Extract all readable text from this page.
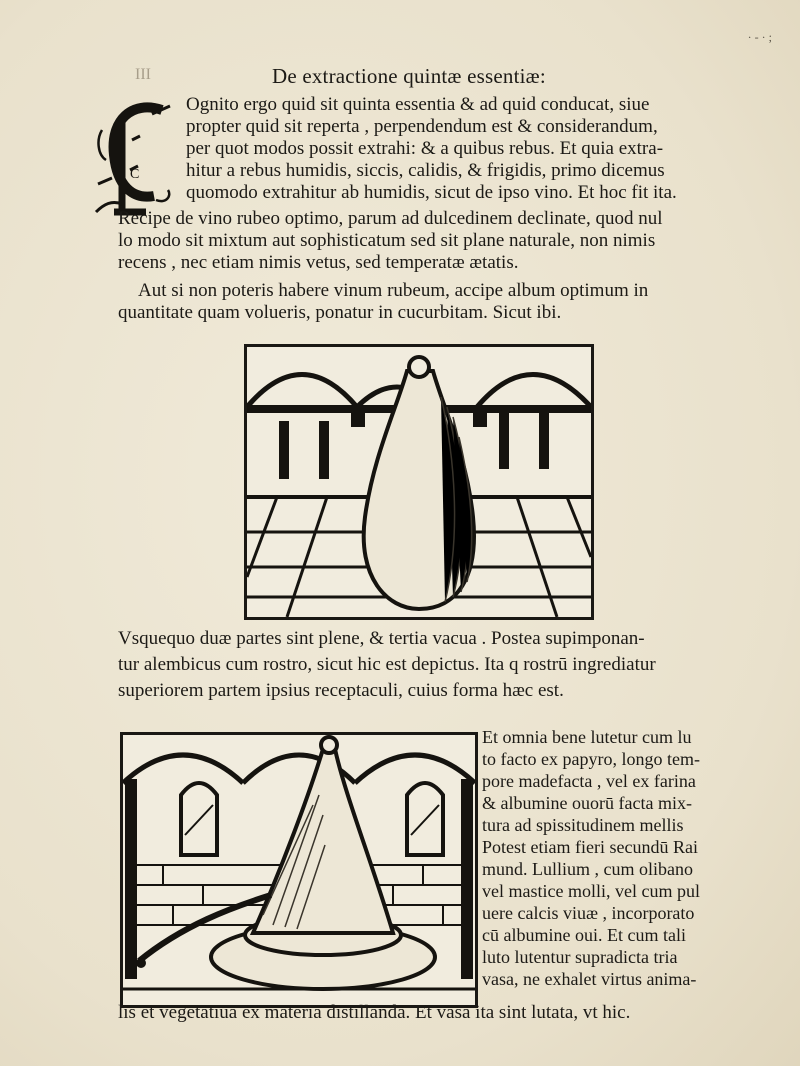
· - · ;
III	De extractione quintæ essentiæ:
C
Ognito ergo quid sit quinta essentia & ad quid conducat, siue
propter quid sit reperta , perpendendum est & considerandum,
per quot modos possit extrahi: & a quibus rebus. Et quia extra-
hitur a rebus humidis, siccis, calidis, & frigidis, primo dicemus
quomodo extrahitur ab humidis, sicut de ipso vino. Et hoc fit ita.
Recipe de vino rubeo optimo, parum ad dulcedinem declinate, quod nul
lo modo sit mixtum aut sophisticatum sed sit plane naturale, non nimis
recens , nec etiam nimis vetus, sed temperatæ ætatis.
Aut si non poteris habere vinum rubeum, accipe album optimum in
quantitate quam volueris, ponatur in cucurbitam. Sicut ibi.
Vsquequo duæ partes sint plene, & tertia vacua . Postea supimponan-
tur alembicus cum rostro, sicut hic est depictus. Ita q rostrū ingrediatur
superiorem partem ipsius receptaculi, cuius forma hæc est.
Et omnia bene lutetur cum lu
to facto ex papyro, longo tem-
pore madefacta , vel ex farina
& albumine ouorū facta mix-
tura ad spissitudinem mellis
Potest etiam fieri secundū Rai
mund. Lullium , cum olibano
vel mastice molli, vel cum pul
uere calcis viuæ , incorporato
cū albumine oui. Et cum tali
luto lutentur supradicta tria
vasa, ne exhalet virtus anima-
lis et vegetatiua ex materia distillanda. Et vasa ita sint lutata, vt hic.
